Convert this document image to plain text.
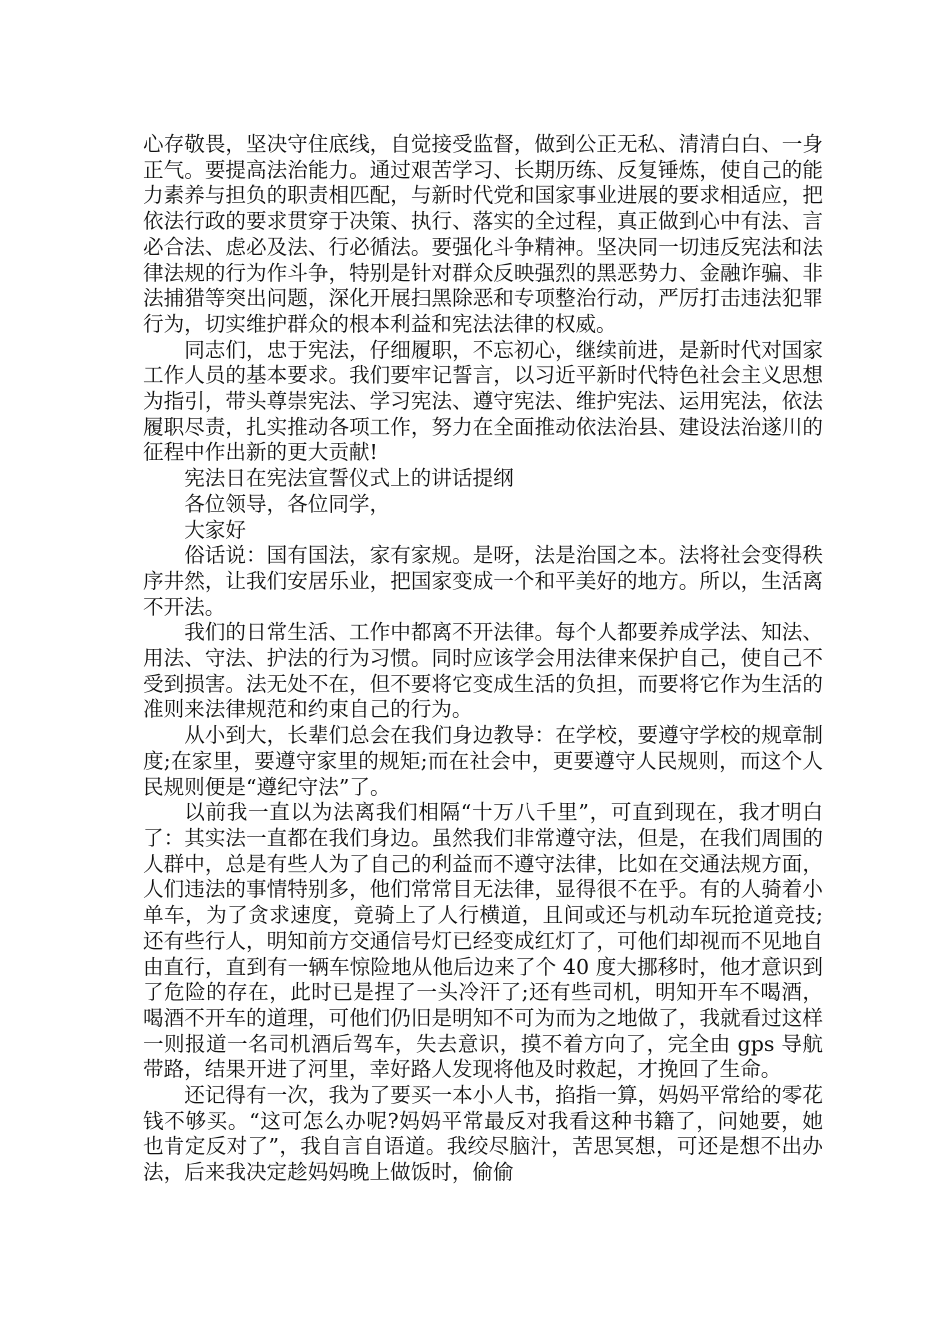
心存敬畏，坚决守住底线，自觉接受监督，做到公正无私、清清白白、一身正气。要提高法治能力。通过艰苦学习、长期历练、反复锤炼，使自己的能力素养与担负的职责相匹配，与新时代党和国家事业进展的要求相适应，把依法行政的要求贯穿于决策、执行、落实的全过程，真正做到心中有法、言必合法、虑必及法、行必循法。要强化斗争精神。坚决同一切违反宪法和法律法规的行为作斗争，特别是针对群众反映强烈的黑恶势力、金融诈骗、非法捕猎等突出问题，深化开展扫黑除恶和专项整治行动，严厉打击违法犯罪行为，切实维护群众的根本利益和宪法法律的权威。

同志们，忠于宪法，仔细履职，不忘初心，继续前进，是新时代对国家工作人员的基本要求。我们要牢记誓言，以习近平新时代特色社会主义思想为指引，带头尊崇宪法、学习宪法、遵守宪法、维护宪法、运用宪法，依法履职尽责，扎实推动各项工作，努力在全面推动依法治县、建设法治遂川的征程中作出新的更大贡献!

宪法日在宪法宣誓仪式上的讲话提纲

各位领导，各位同学，

大家好

俗话说：国有国法，家有家规。是呀，法是治国之本。法将社会变得秩序井然，让我们安居乐业，把国家变成一个和平美好的地方。所以，生活离不开法。

我们的日常生活、工作中都离不开法律。每个人都要养成学法、知法、用法、守法、护法的行为习惯。同时应该学会用法律来保护自己，使自己不受到损害。法无处不在，但不要将它变成生活的负担，而要将它作为生活的准则来法律规范和约束自己的行为。

从小到大，长辈们总会在我们身边教导：在学校，要遵守学校的规章制度;在家里，要遵守家里的规矩;而在社会中，更要遵守人民规则，而这个人民规则便是“遵纪守法”了。

以前我一直以为法离我们相隔“十万八千里”，可直到现在，我才明白了：其实法一直都在我们身边。虽然我们非常遵守法，但是，在我们周围的人群中，总是有些人为了自己的利益而不遵守法律，比如在交通法规方面，人们违法的事情特别多，他们常常目无法律，显得很不在乎。有的人骑着小单车，为了贪求速度，竟骑上了人行横道，且间或还与机动车玩抢道竞技;还有些行人，明知前方交通信号灯已经变成红灯了，可他们却视而不见地自由直行，直到有一辆车惊险地从他后边来了个 40 度大挪移时，他才意识到了危险的存在，此时已是捏了一头冷汗了;还有些司机，明知开车不喝酒，喝酒不开车的道理，可他们仍旧是明知不可为而为之地做了，我就看过这样一则报道一名司机酒后驾车，失去意识，摸不着方向了，完全由 gps 导航带路，结果开进了河里，幸好路人发现将他及时救起，才挽回了生命。

还记得有一次，我为了要买一本小人书，掐指一算，妈妈平常给的零花钱不够买。“这可怎么办呢?妈妈平常最反对我看这种书籍了，问她要，她也肯定反对了”，我自言自语道。我绞尽脑汁，苦思冥想，可还是想不出办法，后来我决定趁妈妈晚上做饭时，偷偷
